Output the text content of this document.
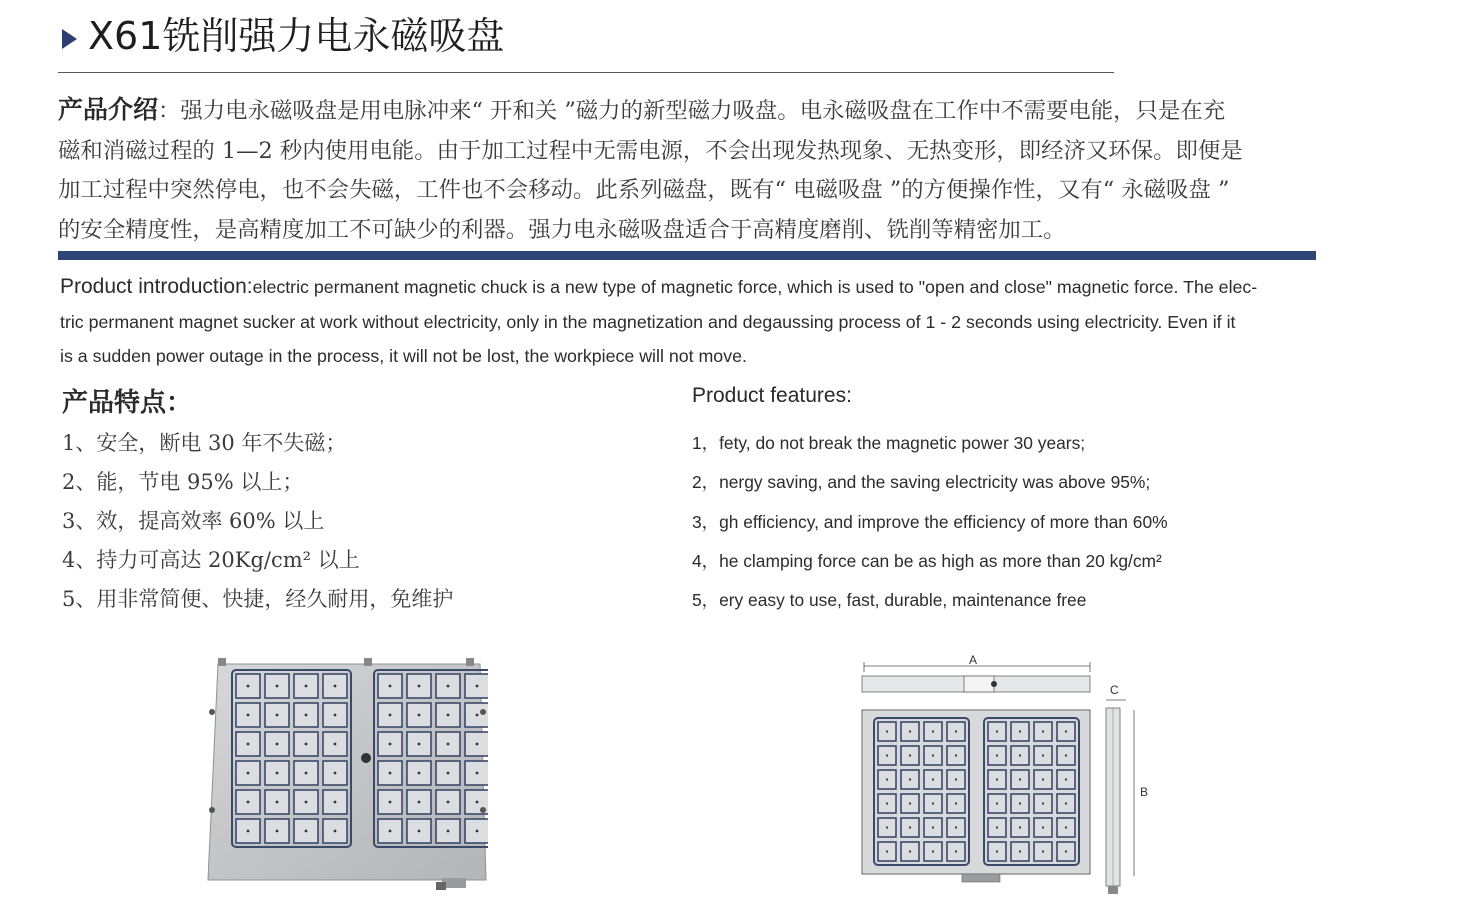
X61铣削强力电永磁吸盘

产品介绍：强力电永磁吸盘是用电脉冲来“ 开和关 ”磁力的新型磁力吸盘。电永磁吸盘在工作中不需要电能，只是在充

磁和消磁过程的 1—2 秒内使用电能。由于加工过程中无需电源，不会出现发热现象、无热变形，即经济又环保。即便是

加工过程中突然停电，也不会失磁，工件也不会移动。此系列磁盘，既有“ 电磁吸盘 ”的方便操作性，又有“ 永磁吸盘 ”

的安全精度性，是高精度加工不可缺少的利器。强力电永磁吸盘适合于高精度磨削、铣削等精密加工。

Product introduction:electric permanent magnetic chuck is a new type of magnetic force, which is used to "open and close" magnetic force. The elec-

tric permanent magnet sucker at work without electricity, only in the magnetization and degaussing process of 1 - 2 seconds using electricity. Even if it

is a sudden power outage in the process, it will not be lost, the workpiece will not move.

产品特点：
1、安全，断电 30 年不失磁；
2、能，节电 95% 以上；
3、效，提高效率 60% 以上
4、持力可高达 20Kg/cm² 以上
5、用非常简便、快捷，经久耐用，免维护
Product features:
1，fety, do not break the magnetic power 30 years;
2，nergy saving, and the saving electricity was above 95%;
3，gh efficiency, and improve the efficiency of more than 60%
4，he clamping force can be as high as more than 20 kg/cm²
5，ery easy to use, fast, durable, maintenance free
A
C
B
